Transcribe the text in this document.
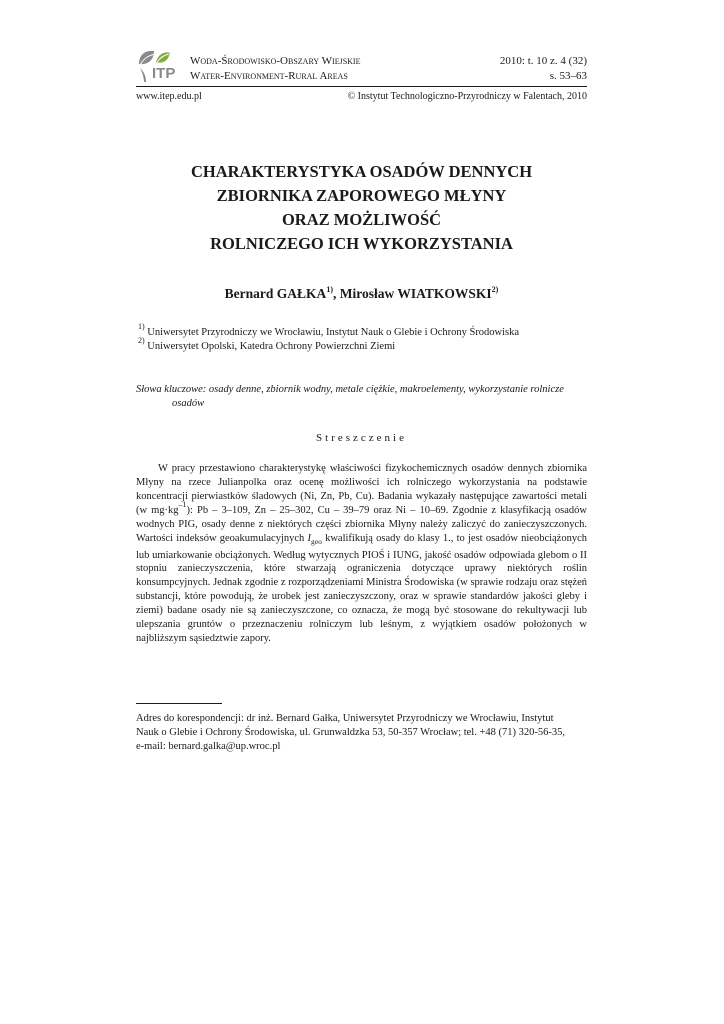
ITP
Woda-Środowisko-Obszary Wiejskie
Water-Environment-Rural Areas
2010: t. 10 z. 4 (32)
s. 53–63
www.itep.edu.pl	© Instytut Technologiczno-Przyrodniczy w Falentach, 2010
CHARAKTERYSTYKA OSADÓW DENNYCH
ZBIORNIKA ZAPOROWEGO MŁYNY
ORAZ MOŻLIWOŚĆ
ROLNICZEGO ICH WYKORZYSTANIA
Bernard GAŁKA$^{1)}$, Mirosław WIATKOWSKI$^{2)}$
$^{1)}$ Uniwersytet Przyrodniczy we Wrocławiu, Instytut Nauk o Glebie i Ochrony Środowiska
$^{2)}$ Uniwersytet Opolski, Katedra Ochrony Powierzchni Ziemi
Słowa kluczowe: osady denne, zbiornik wodny, metale ciężkie, makroelementy, wykorzystanie rolnicze
osadów
Streszczenie

W pracy przestawiono charakterystykę właściwości fizykochemicznych osadów dennych zbiornika Młyny na rzece Julianpolka oraz ocenę możliwości ich rolniczego wykorzystania na podstawie koncentracji pierwiastków śladowych (Ni, Zn, Pb, Cu). Badania wykazały następujące zawartości metali (w $mg\cdot kg^{-1}$): Pb – 3–109, Zn – 25–302, Cu – 39–79 oraz Ni – 10–69. Zgodnie z klasyfikacją osadów wodnych PIG, osady denne z niektórych części zbiornika Młyny należy zaliczyć do zanieczyszczonych. Wartości indeksów geoakumulacyjnych $I_{geo}$ kwalifikują osady do klasy 1., to jest osadów nieobciążonych lub umiarkowanie obciążonych. Według wytycznych PIOŚ i IUNG, jakość osadów odpowiada glebom o II stopniu zanieczyszczenia, które stwarzają ograniczenia dotyczące uprawy niektórych roślin konsumpcyjnych. Jednak zgodnie z rozporządzeniami Ministra Środowiska (w sprawie rodzaju oraz stężeń substancji, które powodują, że urobek jest zanieczyszczony, oraz w sprawie standardów jakości gleby i ziemi) badane osady nie są zanieczyszczone, co oznacza, że mogą być stosowane do rekultywacji lub ulepszania gruntów o przeznaczeniu rolniczym lub leśnym, z wyjątkiem osadów położonych w najbliższym sąsiedztwie zapory.

Adres do korespondencji: dr inż. Bernard Gałka, Uniwersytet Przyrodniczy we Wrocławiu, Instytut
Nauk o Glebie i Ochrony Środowiska, ul. Grunwaldzka 53, 50-357 Wrocław; tel. +48 (71) 320-56-35,
e-mail: bernard.galka@up.wroc.pl
